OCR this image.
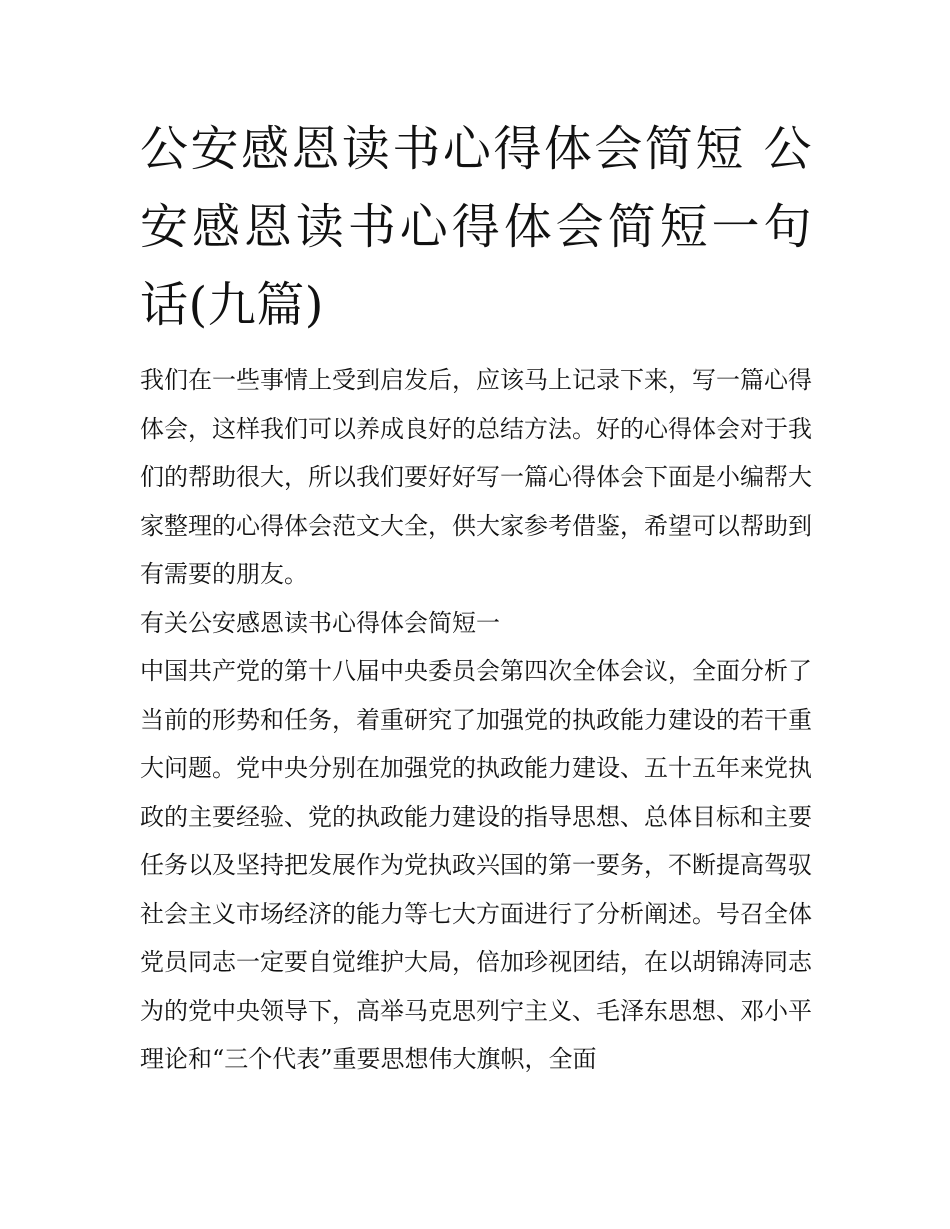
公安感恩读书心得体会简短 公安感恩读书心得体会简短一句话(九篇)

我们在一些事情上受到启发后，应该马上记录下来，写一篇心得体会，这样我们可以养成良好的总结方法。好的心得体会对于我们的帮助很大，所以我们要好好写一篇心得体会下面是小编帮大家整理的心得体会范文大全，供大家参考借鉴，希望可以帮助到有需要的朋友。

有关公安感恩读书心得体会简短一

中国共产党的第十八届中央委员会第四次全体会议，全面分析了当前的形势和任务，着重研究了加强党的执政能力建设的若干重大问题。党中央分别在加强党的执政能力建设、五十五年来党执政的主要经验、党的执政能力建设的指导思想、总体目标和主要任务以及坚持把发展作为党执政兴国的第一要务，不断提高驾驭社会主义市场经济的能力等七大方面进行了分析阐述。号召全体党员同志一定要自觉维护大局，倍加珍视团结，在以胡锦涛同志为的党中央领导下，高举马克思列宁主义、毛泽东思想、邓小平理论和“三个代表”重要思想伟大旗帜，全面
